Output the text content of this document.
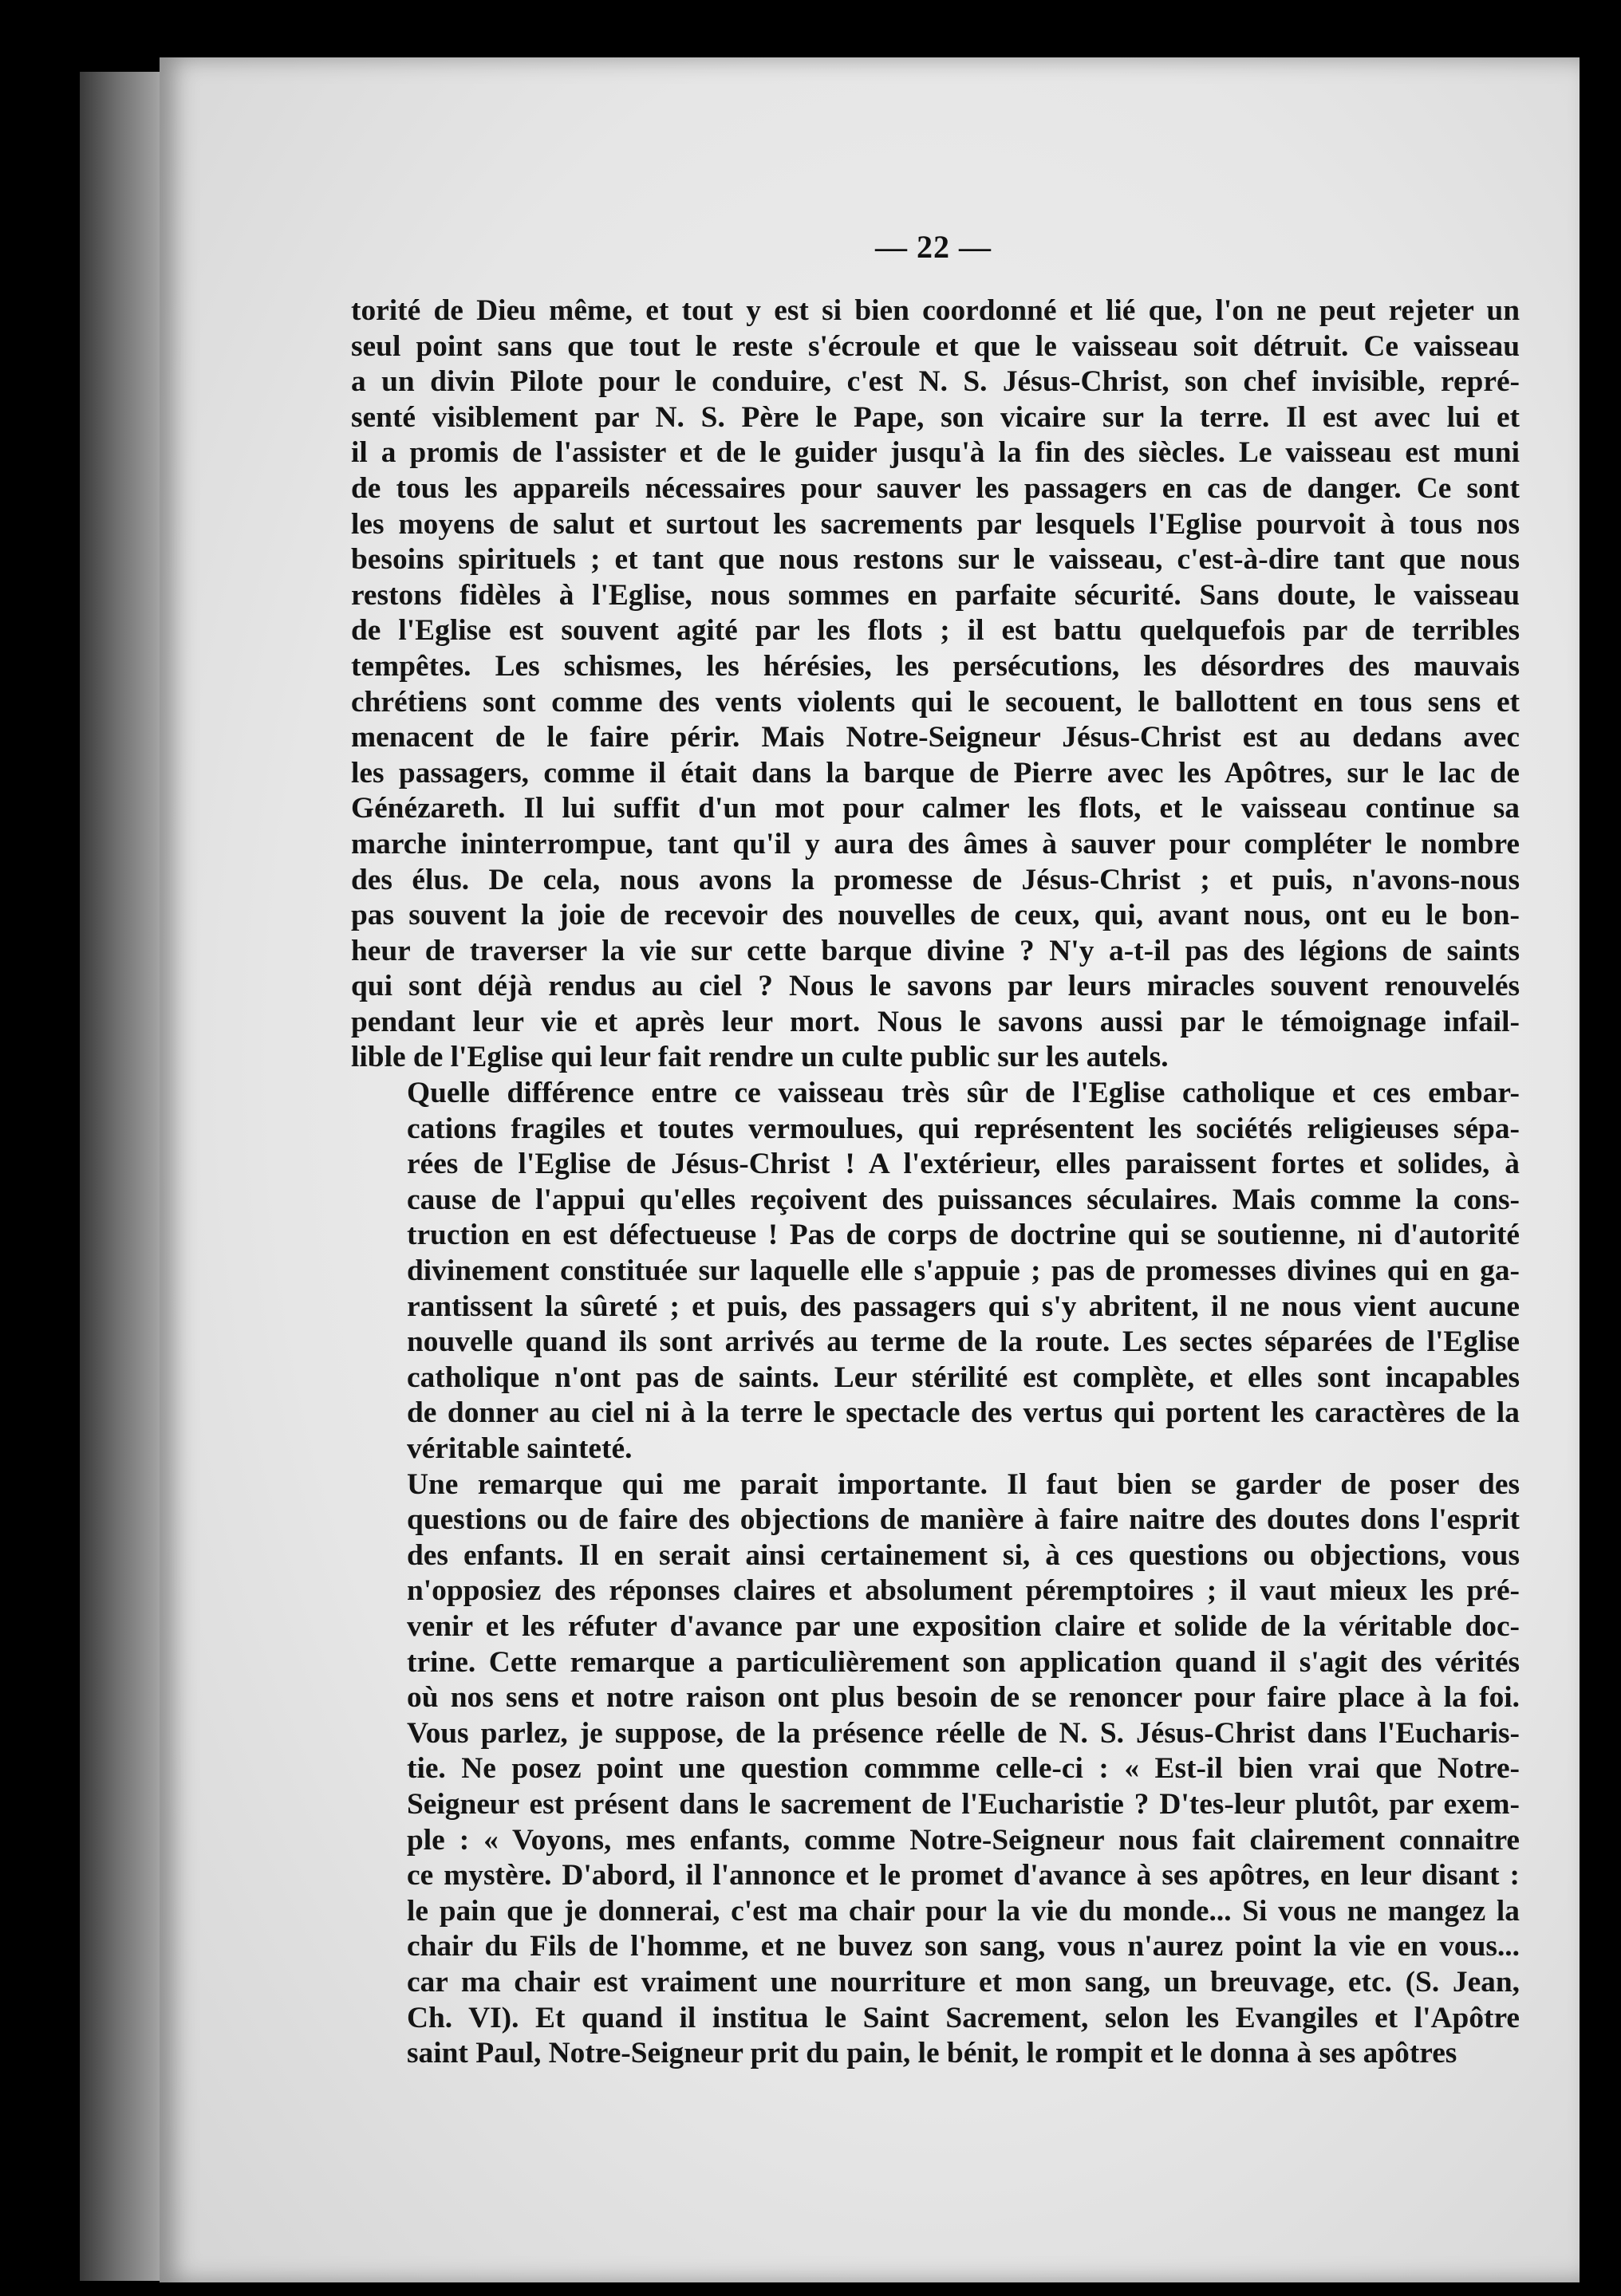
— 22 —

torité de Dieu même, et tout y est si bien coordonné et lié que, l'on ne peut rejeter un
seul point sans que tout le reste s'écroule et que le vaisseau soit détruit. Ce vaisseau
a un divin Pilote pour le conduire, c'est N. S. Jésus-Christ, son chef invisible, repré-
senté visiblement par N. S. Père le Pape, son vicaire sur la terre. Il est avec lui et
il a promis de l'assister et de le guider jusqu'à la fin des siècles. Le vaisseau est muni
de tous les appareils nécessaires pour sauver les passagers en cas de danger. Ce sont
les moyens de salut et surtout les sacrements par lesquels l'Eglise pourvoit à tous nos
besoins spirituels ; et tant que nous restons sur le vaisseau, c'est-à-dire tant que nous
restons fidèles à l'Eglise, nous sommes en parfaite sécurité. Sans doute, le vaisseau
de l'Eglise est souvent agité par les flots ; il est battu quelquefois par de terribles
tempêtes. Les schismes, les hérésies, les persécutions, les désordres des mauvais
chrétiens sont comme des vents violents qui le secouent, le ballottent en tous sens et
menacent de le faire périr. Mais Notre-Seigneur Jésus-Christ est au dedans avec
les passagers, comme il était dans la barque de Pierre avec les Apôtres, sur le lac de
Génézareth. Il lui suffit d'un mot pour calmer les flots, et le vaisseau continue sa
marche ininterrompue, tant qu'il y aura des âmes à sauver pour compléter le nombre
des élus. De cela, nous avons la promesse de Jésus-Christ ; et puis, n'avons-nous
pas souvent la joie de recevoir des nouvelles de ceux, qui, avant nous, ont eu le bon-
heur de traverser la vie sur cette barque divine ? N'y a-t-il pas des légions de saints
qui sont déjà rendus au ciel ? Nous le savons par leurs miracles souvent renouvelés
pendant leur vie et après leur mort. Nous le savons aussi par le témoignage infail-
lible de l'Eglise qui leur fait rendre un culte public sur les autels.

Quelle différence entre ce vaisseau très sûr de l'Eglise catholique et ces embar-
cations fragiles et toutes vermoulues, qui représentent les sociétés religieuses sépa-
rées de l'Eglise de Jésus-Christ ! A l'extérieur, elles paraissent fortes et solides, à
cause de l'appui qu'elles reçoivent des puissances séculaires. Mais comme la cons-
truction en est défectueuse ! Pas de corps de doctrine qui se soutienne, ni d'autorité
divinement constituée sur laquelle elle s'appuie ; pas de promesses divines qui en ga-
rantissent la sûreté ; et puis, des passagers qui s'y abritent, il ne nous vient aucune
nouvelle quand ils sont arrivés au terme de la route. Les sectes séparées de l'Eglise
catholique n'ont pas de saints. Leur stérilité est complète, et elles sont incapables
de donner au ciel ni à la terre le spectacle des vertus qui portent les caractères de la
véritable sainteté.

Une remarque qui me parait importante. Il faut bien se garder de poser des
questions ou de faire des objections de manière à faire naitre des doutes dons l'esprit
des enfants. Il en serait ainsi certainement si, à ces questions ou objections, vous
n'opposiez des réponses claires et absolument péremptoires ; il vaut mieux les pré-
venir et les réfuter d'avance par une exposition claire et solide de la véritable doc-
trine. Cette remarque a particulièrement son application quand il s'agit des vérités
où nos sens et notre raison ont plus besoin de se renoncer pour faire place à la foi.
Vous parlez, je suppose, de la présence réelle de N. S. Jésus-Christ dans l'Eucharis-
tie. Ne posez point une question commme celle-ci : « Est-il bien vrai que Notre-
Seigneur est présent dans le sacrement de l'Eucharistie ? D'tes-leur plutôt, par exem-
ple : « Voyons, mes enfants, comme Notre-Seigneur nous fait clairement connaitre
ce mystère. D'abord, il l'annonce et le promet d'avance à ses apôtres, en leur disant :
le pain que je donnerai, c'est ma chair pour la vie du monde... Si vous ne mangez la
chair du Fils de l'homme, et ne buvez son sang, vous n'aurez point la vie en vous...
car ma chair est vraiment une nourriture et mon sang, un breuvage, etc. (S. Jean,
Ch. VI). Et quand il institua le Saint Sacrement, selon les Evangiles et l'Apôtre
saint Paul, Notre-Seigneur prit du pain, le bénit, le rompit et le donna à ses apôtres
